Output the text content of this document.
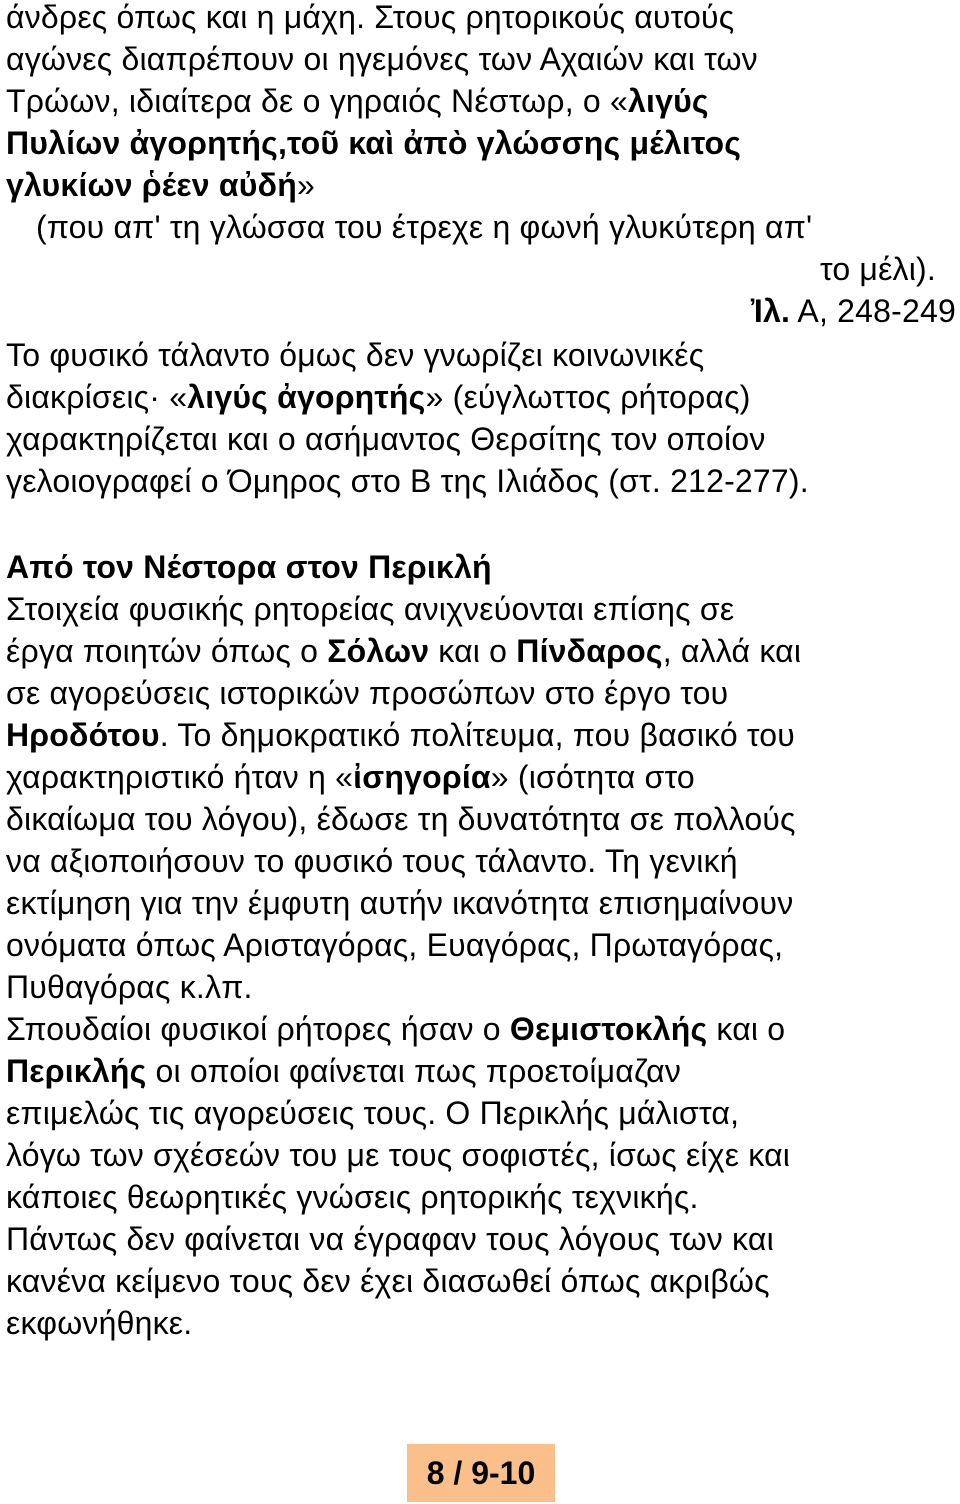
άνδρες όπως και η μάχη. Στους ρητορικούς αυτούς
αγώνες διαπρέπουν οι ηγεμόνες των Αχαιών και των
Τρώων, ιδιαίτερα δε ο γηραιός Νέστωρ, ο «λιγύς
Πυλίων ἀγορητής,τοῦ καὶ ἀπὸ γλώσσης μέλιτος
γλυκίων ῥέεν αὐδή»
(που απ' τη γλώσσα του έτρεχε η φωνή γλυκύτερη απ'
το μέλι).
Ἰλ. Α, 248-249
Το φυσικό τάλαντο όμως δεν γνωρίζει κοινωνικές
διακρίσεις· «λιγύς ἀγορητής» (εύγλωττος ρήτορας)
χαρακτηρίζεται και ο ασήμαντος Θερσίτης τον οποίον
γελοιογραφεί ο Όμηρος στο Β της Ιλιάδος (στ. 212-277).
Από τον Νέστορα στον Περικλή
Στοιχεία φυσικής ρητορείας ανιχνεύονται επίσης σε
έργα ποιητών όπως ο Σόλων και ο Πίνδαρος, αλλά και
σε αγορεύσεις ιστορικών προσώπων στο έργο του
Ηροδότου. Το δημοκρατικό πολίτευμα, που βασικό του
χαρακτηριστικό ήταν η «ἰσηγορία» (ισότητα στο
δικαίωμα του λόγου), έδωσε τη δυνατότητα σε πολλούς
να αξιοποιήσουν το φυσικό τους τάλαντο. Τη γενική
εκτίμηση για την έμφυτη αυτήν ικανότητα επισημαίνουν
ονόματα όπως Αρισταγόρας, Ευαγόρας, Πρωταγόρας,
Πυθαγόρας κ.λπ.
Σπουδαίοι φυσικοί ρήτορες ήσαν ο Θεμιστοκλής και ο
Περικλής οι οποίοι φαίνεται πως προετοίμαζαν
επιμελώς τις αγορεύσεις τους. Ο Περικλής μάλιστα,
λόγω των σχέσεών του με τους σοφιστές, ίσως είχε και
κάποιες θεωρητικές γνώσεις ρητορικής τεχνικής.
Πάντως δεν φαίνεται να έγραφαν τους λόγους των και
κανένα κείμενο τους δεν έχει διασωθεί όπως ακριβώς
εκφωνήθηκε.
8 / 9-10
